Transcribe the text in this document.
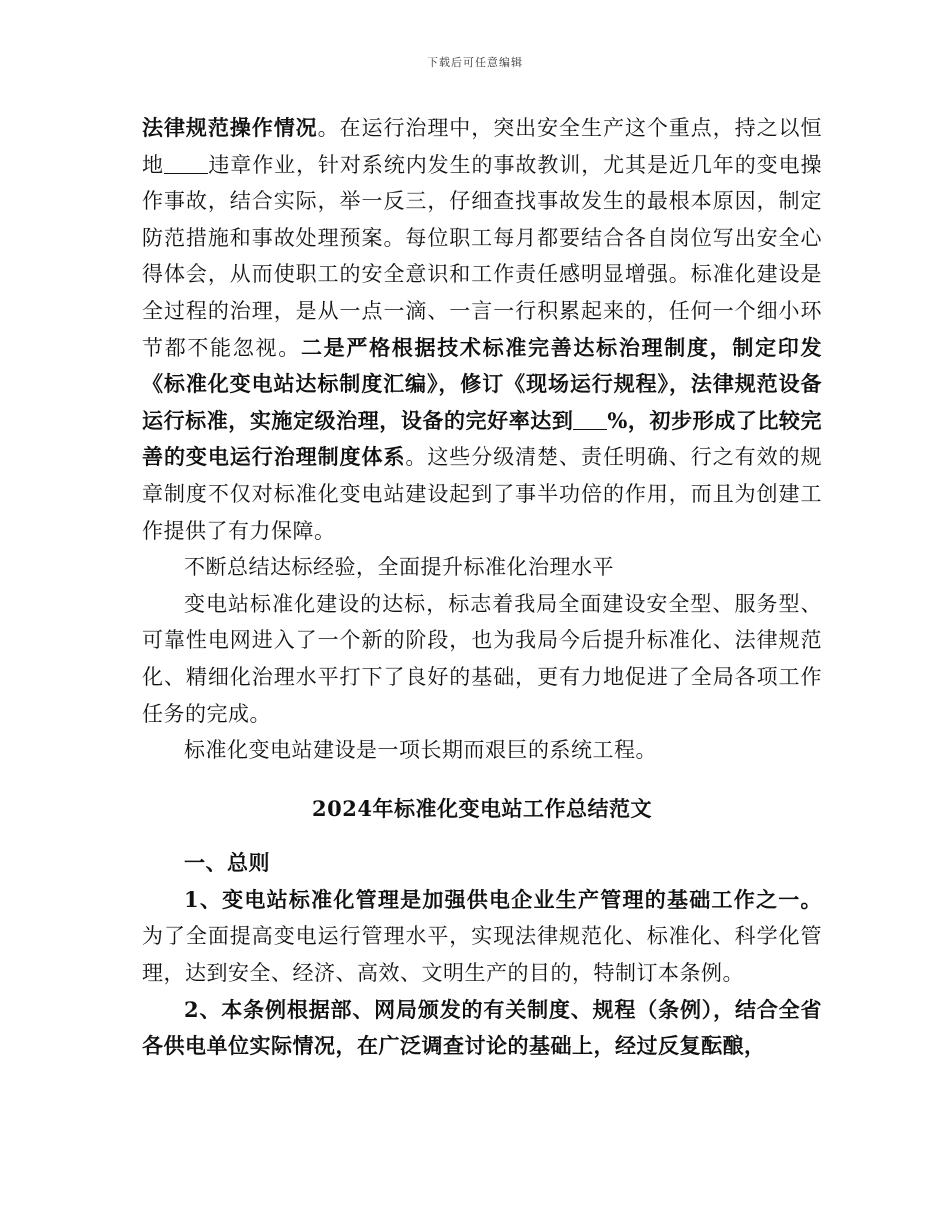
下载后可任意编辑

法律规范操作情况。在运行治理中，突出安全生产这个重点，持之以恒地 违章作业，针对系统内发生的事故教训，尤其是近几年的变电操作事故，结合实际，举一反三，仔细查找事故发生的最根本原因，制定防范措施和事故处理预案。每位职工每月都要结合各自岗位写出安全心得体会，从而使职工的安全意识和工作责任感明显增强。标准化建设是全过程的治理，是从一点一滴、一言一行积累起来的，任何一个细小环节都不能忽视。二是严格根据技术标准完善达标治理制度，制定印发《标准化变电站达标制度汇编》，修订《现场运行规程》，法律规范设备运行标准，实施定级治理，设备的完好率达到 %，初步形成了比较完善的变电运行治理制度体系。这些分级清楚、责任明确、行之有效的规章制度不仅对标准化变电站建设起到了事半功倍的作用，而且为创建工作提供了有力保障。

不断总结达标经验，全面提升标准化治理水平

变电站标准化建设的达标，标志着我局全面建设安全型、服务型、可靠性电网进入了一个新的阶段，也为我局今后提升标准化、法律规范化、精细化治理水平打下了良好的基础，更有力地促进了全局各项工作任务的完成。

标准化变电站建设是一项长期而艰巨的系统工程。

2024年标准化变电站工作总结范文

一、总则

1、变电站标准化管理是加强供电企业生产管理的基础工作之一。为了全面提高变电运行管理水平，实现法律规范化、标准化、科学化管理，达到安全、经济、高效、文明生产的目的，特制订本条例。

2、本条例根据部、网局颁发的有关制度、规程（条例），结合全省各供电单位实际情况，在广泛调查讨论的基础上，经过反复酝酿，
